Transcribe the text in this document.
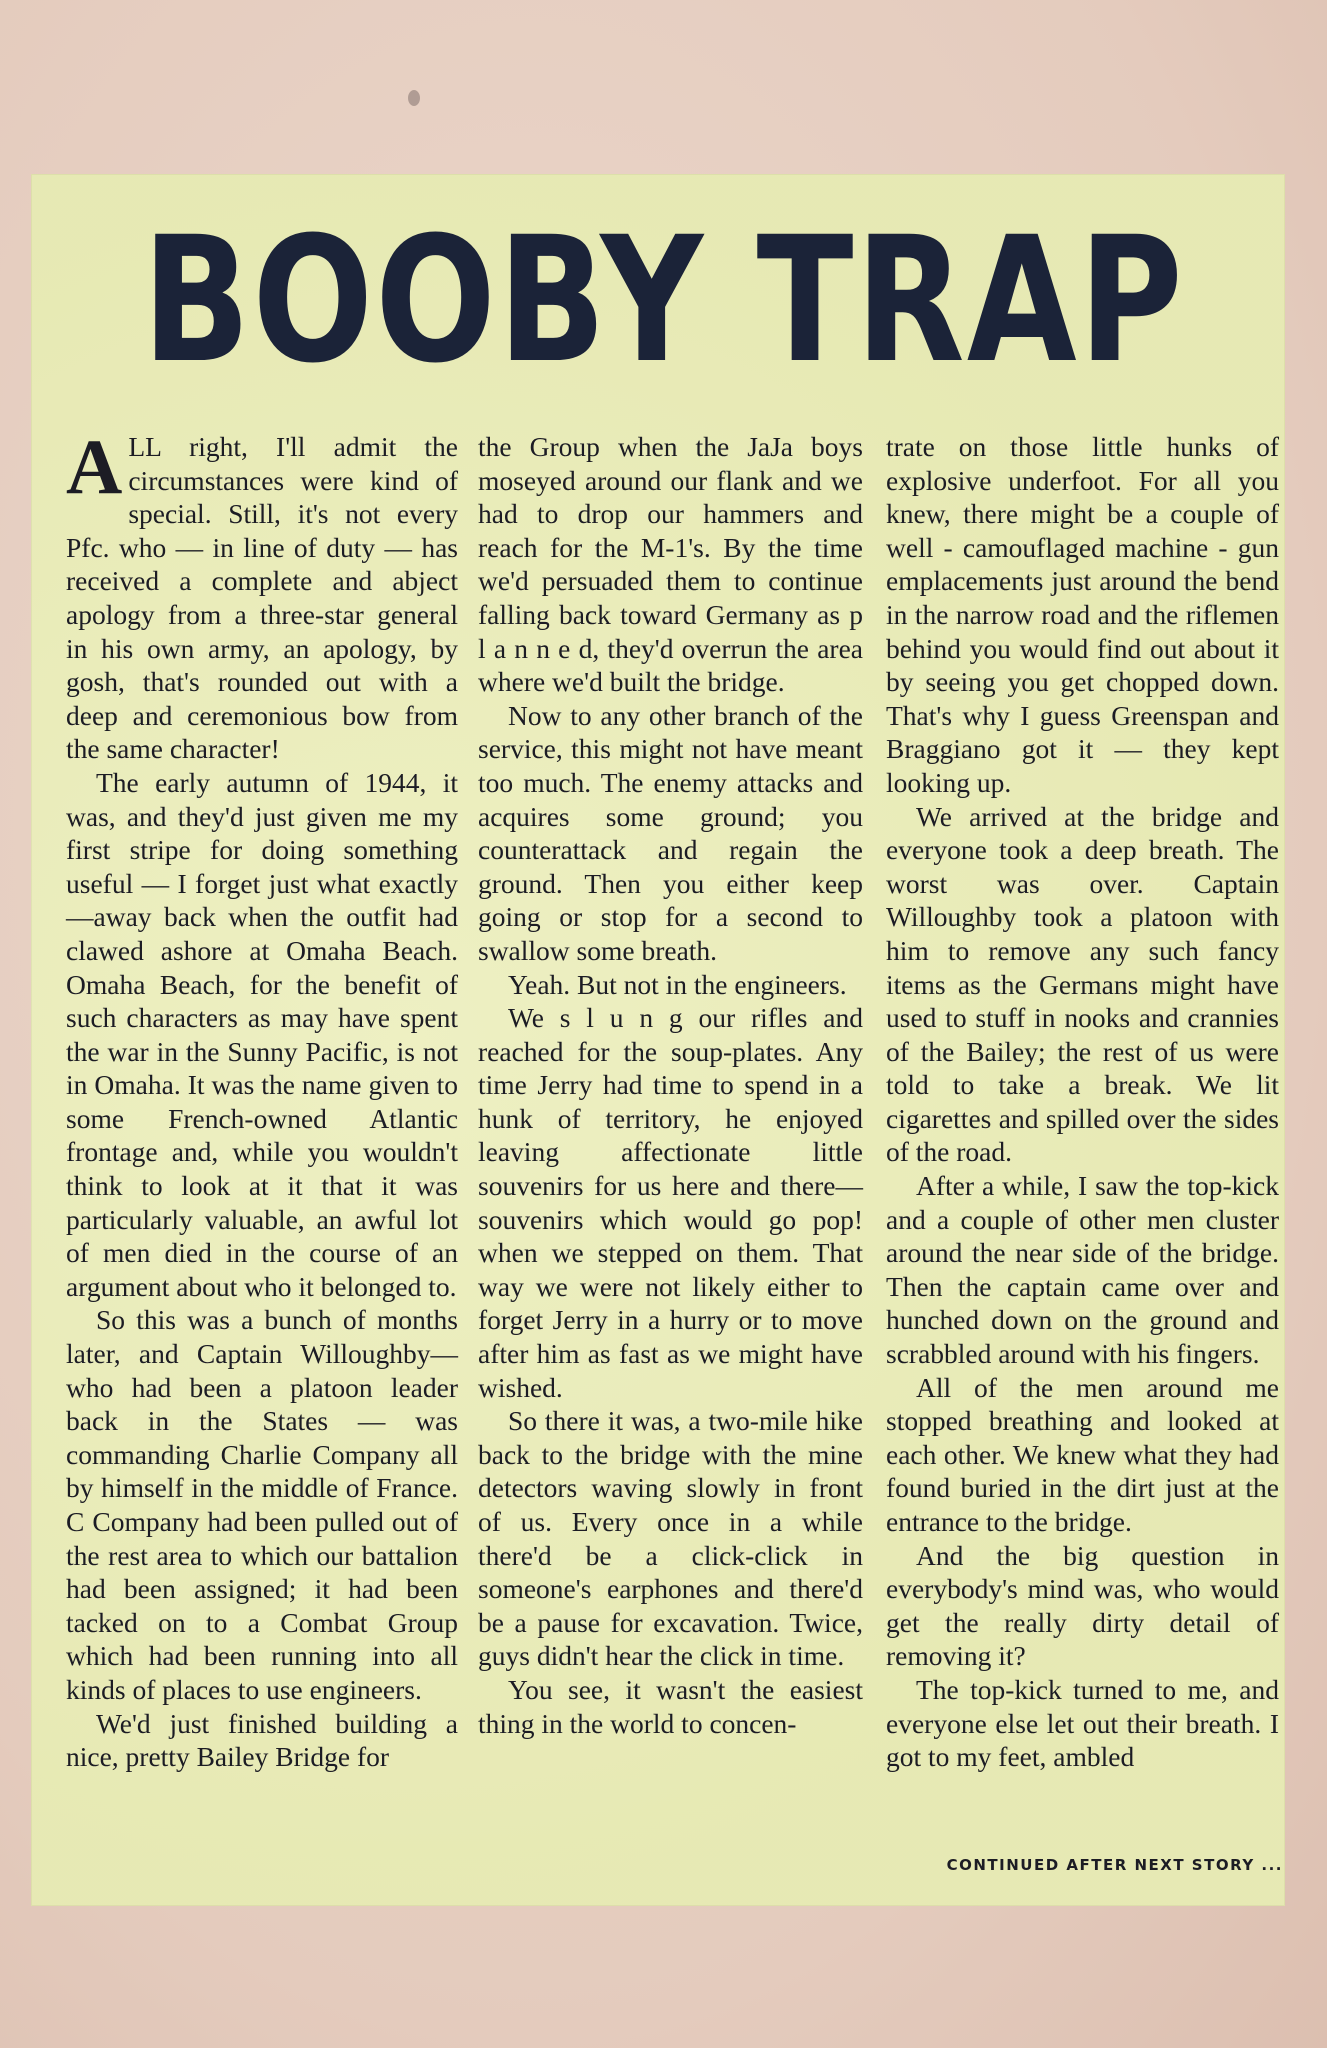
BOOBY TRAP

ALL right, I'll admit the circumstances were kind of special. Still, it's not every Pfc. who — in line of duty — has received a complete and abject apology from a three-star general in his own army, an apology, by gosh, that's rounded out with a deep and ceremonious bow from the same character!

The early autumn of 1944, it was, and they'd just given me my first stripe for doing something useful — I forget just what exactly—away back when the outfit had clawed ashore at Omaha Beach. Omaha Beach, for the benefit of such characters as may have spent the war in the Sunny Pacific, is not in Omaha. It was the name given to some French-owned Atlantic frontage and, while you wouldn't think to look at it that it was particularly valuable, an awful lot of men died in the course of an argument about who it belonged to.

So this was a bunch of months later, and Captain Willoughby—who had been a platoon leader back in the States — was commanding Charlie Company all by himself in the middle of France. C Company had been pulled out of the rest area to which our battalion had been assigned; it had been tacked on to a Combat Group which had been running into all kinds of places to use engineers.

We'd just finished building a nice, pretty Bailey Bridge for

the Group when the JaJa boys moseyed around our flank and we had to drop our hammers and reach for the M-1's. By the time we'd persuaded them to continue falling back toward Germany as p l a n n e d, they'd overrun the area where we'd built the bridge.

Now to any other branch of the service, this might not have meant too much. The enemy attacks and acquires some ground; you counterattack and regain the ground. Then you either keep going or stop for a second to swallow some breath.

Yeah. But not in the engineers.

We s l u n g our rifles and reached for the soup-plates. Any time Jerry had time to spend in a hunk of territory, he enjoyed leaving affectionate little souvenirs for us here and there— souvenirs which would go pop! when we stepped on them. That way we were not likely either to forget Jerry in a hurry or to move after him as fast as we might have wished.

So there it was, a two-mile hike back to the bridge with the mine detectors waving slowly in front of us. Every once in a while there'd be a click-click in someone's earphones and there'd be a pause for excavation. Twice, guys didn't hear the click in time.

You see, it wasn't the easiest thing in the world to concen-

trate on those little hunks of explosive underfoot. For all you knew, there might be a couple of well - camouflaged machine - gun emplacements just around the bend in the narrow road and the riflemen behind you would find out about it by seeing you get chopped down. That's why I guess Greenspan and Braggiano got it — they kept looking up.

We arrived at the bridge and everyone took a deep breath. The worst was over. Captain Willoughby took a platoon with him to remove any such fancy items as the Germans might have used to stuff in nooks and crannies of the Bailey; the rest of us were told to take a break. We lit cigarettes and spilled over the sides of the road.

After a while, I saw the top-kick and a couple of other men cluster around the near side of the bridge. Then the captain came over and hunched down on the ground and scrabbled around with his fingers.

All of the men around me stopped breathing and looked at each other. We knew what they had found buried in the dirt just at the entrance to the bridge.

And the big question in everybody's mind was, who would get the really dirty detail of removing it?

The top-kick turned to me, and everyone else let out their breath. I got to my feet, ambled

CONTINUED AFTER NEXT STORY ...
